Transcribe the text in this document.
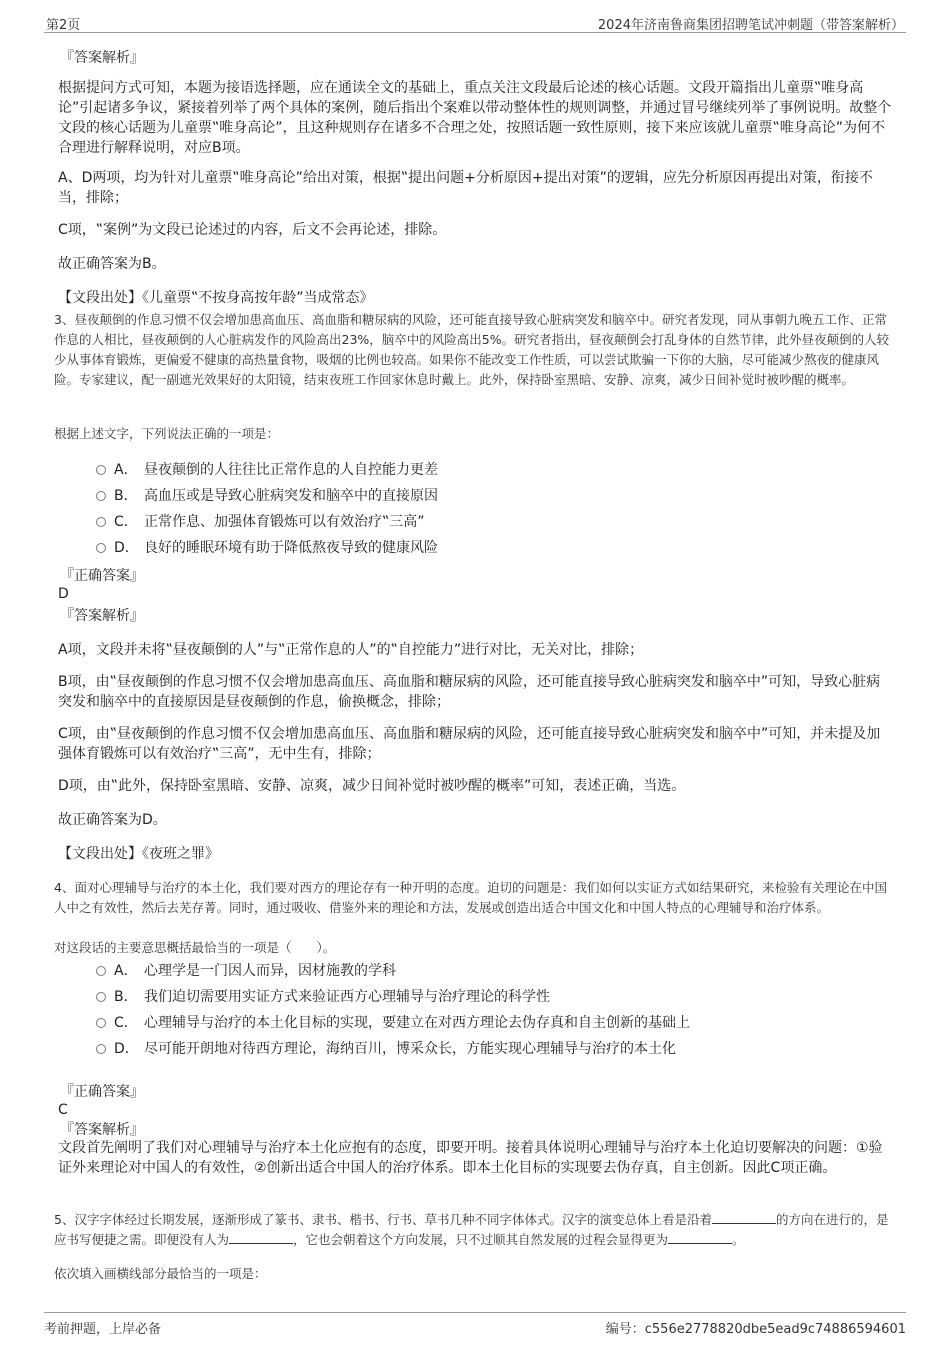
第2页	2024年济南鲁商集团招聘笔试冲刺题（带答案解析）

『答案解析』

根据提问方式可知，本题为接语选择题，应在通读全文的基础上，重点关注文段最后论述的核心话题。文段开篇指出儿童票‟唯身高论”引起诸多争议，紧接着列举了两个具体的案例，随后指出个案难以带动整体性的规则调整，并通过冒号继续列举了事例说明。故整个文段的核心话题为儿童票‟唯身高论”，且这种规则存在诸多不合理之处，按照话题一致性原则，接下来应该就儿童票‟唯身高论”为何不合理进行解释说明，对应B项。

A、D两项，均为针对儿童票‟唯身高论”给出对策，根据‟提出问题+分析原因+提出对策”的逻辑，应先分析原因再提出对策，衔接不当，排除；

C项，‟案例”为文段已论述过的内容，后文不会再论述，排除。

故正确答案为B。

【文段出处】《儿童票‟不按身高按年龄”当成常态》

3、昼夜颠倒的作息习惯不仅会增加患高血压、高血脂和糖尿病的风险，还可能直接导致心脏病突发和脑卒中。研究者发现，同从事朝九晚五工作、正常作息的人相比，昼夜颠倒的人心脏病发作的风险高出23%，脑卒中的风险高出5%。研究者指出，昼夜颠倒会打乱身体的自然节律，此外昼夜颠倒的人较少从事体育锻炼，更偏爱不健康的高热量食物，吸烟的比例也较高。如果你不能改变工作性质，可以尝试欺骗一下你的大脑，尽可能减少熬夜的健康风险。专家建议，配一副遮光效果好的太阳镜，结束夜班工作回家休息时戴上。此外，保持卧室黑暗、安静、凉爽，减少日间补觉时被吵醒的概率。

根据上述文字，下列说法正确的一项是：

A． 昼夜颠倒的人往往比正常作息的人自控能力更差
B． 高血压或是导致心脏病突发和脑卒中的直接原因
C． 正常作息、加强体育锻炼可以有效治疗‟三高”
D． 良好的睡眠环境有助于降低熬夜导致的健康风险

『正确答案』

D

『答案解析』

A项，文段并未将‟昼夜颠倒的人”与‟正常作息的人”的‟自控能力”进行对比，无关对比，排除；

B项，由‟昼夜颠倒的作息习惯不仅会增加患高血压、高血脂和糖尿病的风险，还可能直接导致心脏病突发和脑卒中”可知，导致心脏病突发和脑卒中的直接原因是昼夜颠倒的作息，偷换概念，排除；

C项，由‟昼夜颠倒的作息习惯不仅会增加患高血压、高血脂和糖尿病的风险，还可能直接导致心脏病突发和脑卒中”可知，并未提及加强体育锻炼可以有效治疗‟三高”，无中生有，排除；

D项，由‟此外，保持卧室黑暗、安静、凉爽，减少日间补觉时被吵醒的概率”可知，表述正确，当选。

故正确答案为D。

【文段出处】《夜班之罪》

4、面对心理辅导与治疗的本土化，我们要对西方的理论存有一种开明的态度。迫切的问题是：我们如何以实证方式如结果研究，来检验有关理论在中国人中之有效性，然后去芜存菁。同时，通过吸收、借鉴外来的理论和方法，发展或创造出适合中国文化和中国人特点的心理辅导和治疗体系。

对这段话的主要意思概括最恰当的一项是（　　）。

A． 心理学是一门因人而异，因材施教的学科
B． 我们迫切需要用实证方式来验证西方心理辅导与治疗理论的科学性
C． 心理辅导与治疗的本土化目标的实现，要建立在对西方理论去伪存真和自主创新的基础上
D． 尽可能开朗地对待西方理论，海纳百川，博采众长，方能实现心理辅导与治疗的本土化

『正确答案』

C

『答案解析』

文段首先阐明了我们对心理辅导与治疗本土化应抱有的态度，即要开明。接着具体说明心理辅导与治疗本土化迫切要解决的问题：①验证外来理论对中国人的有效性，②创新出适合中国人的治疗体系。即本土化目标的实现要去伪存真，自主创新。因此C项正确。

5、汉字字体经过长期发展，逐渐形成了篆书、隶书、楷书、行书、草书几种不同字体体式。汉字的演变总体上看是沿着	的方向在进行的，是应书写便捷之需。即便没有人为	，它也会朝着这个方向发展，只不过顺其自然发展的过程会显得更为	。

依次填入画横线部分最恰当的一项是：

考前押题，上岸必备	编号：c556e2778820dbe5ead9c74886594601
